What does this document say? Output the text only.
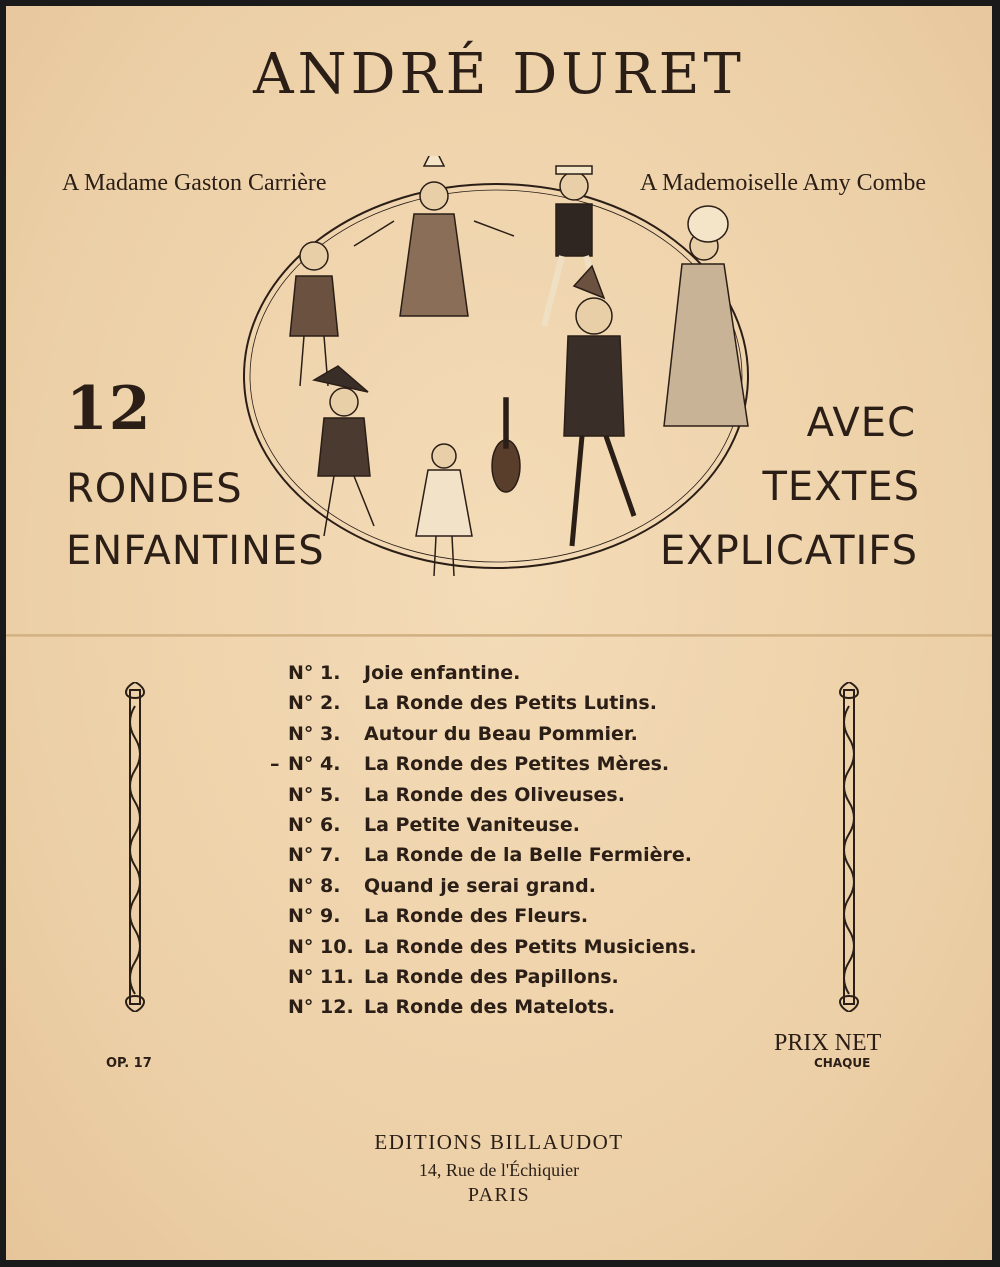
ANDRÉ DURET
A Madame Gaston Carrière	A Mademoiselle Amy Combe
12
RONDES
ENFANTINES
AVEC
TEXTES
EXPLICATIFS
N° 1. Joie enfantine.
N° 2. La Ronde des Petits Lutins.
N° 3. Autour du Beau Pommier.
– N° 4. La Ronde des Petites Mères.
N° 5. La Ronde des Oliveuses.
N° 6. La Petite Vaniteuse.
N° 7. La Ronde de la Belle Fermière.
N° 8. Quand je serai grand.
N° 9. La Ronde des Fleurs.
N° 10. La Ronde des Petits Musiciens.
N° 11. La Ronde des Papillons.
N° 12. La Ronde des Matelots.
OP. 17
PRIX NET
CHAQUE
EDITIONS BILLAUDOT
14, Rue de l'Échiquier
PARIS
